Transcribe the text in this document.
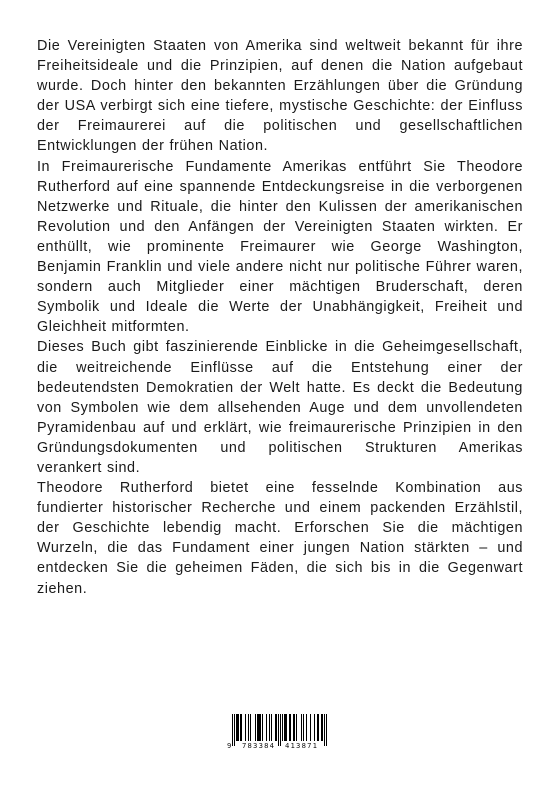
Die Vereinigten Staaten von Amerika sind weltweit bekannt für ihre Freiheitsideale und die Prinzipien, auf denen die Nation aufgebaut wurde. Doch hinter den bekannten Erzählungen über die Gründung der USA verbirgt sich eine tiefere, mystische Geschichte: der Einfluss der Freimaurerei auf die politischen und gesellschaftlichen Entwicklungen der frühen Nation.

In Freimaurerische Fundamente Amerikas entführt Sie Theodore Rutherford auf eine spannende Entdeckungsreise in die verborgenen Netzwerke und Rituale, die hinter den Kulissen der amerikanischen Revolution und den Anfängen der Vereinigten Staaten wirkten. Er enthüllt, wie prominente Freimaurer wie George Washington, Benjamin Franklin und viele andere nicht nur politische Führer waren, sondern auch Mitglieder einer mächtigen Bruderschaft, deren Symbolik und Ideale die Werte der Unabhängigkeit, Freiheit und Gleichheit mitformten.

Dieses Buch gibt faszinierende Einblicke in die Geheimgesellschaft, die weitreichende Einflüsse auf die Entstehung einer der bedeutendsten Demokratien der Welt hatte. Es deckt die Bedeutung von Symbolen wie dem allsehenden Auge und dem unvollendeten Pyramidenbau auf und erklärt, wie freimaurerische Prinzipien in den Gründungsdokumenten und politischen Strukturen Amerikas verankert sind.

Theodore Rutherford bietet eine fesselnde Kombination aus fundierter historischer Recherche und einem packenden Erzählstil, der Geschichte lebendig macht. Erforschen Sie die mächtigen Wurzeln, die das Fundament einer jungen Nation stärkten – und entdecken Sie die geheimen Fäden, die sich bis in die Gegenwart ziehen.

9 783384 413871
